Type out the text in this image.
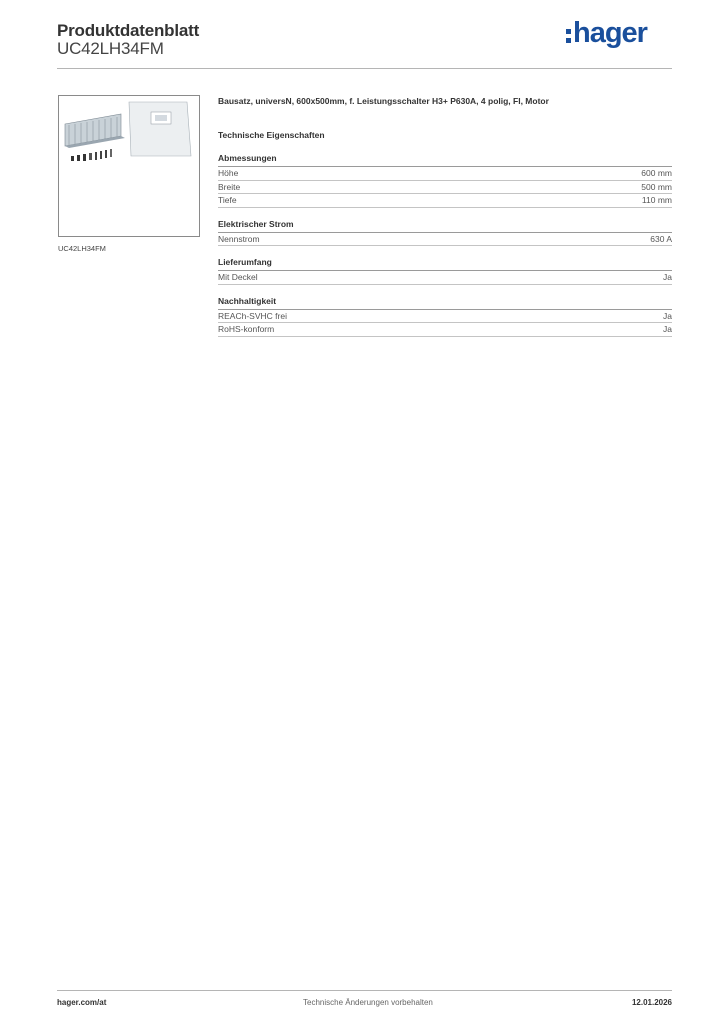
Produktdatenblatt
UC42LH34FM	hager
UC42LH34FM
Bausatz, universN, 600x500mm, f. Leistungsschalter H3+ P630A, 4 polig, FI, Motor
Technische Eigenschaften
Abmessungen
Höhe	600 mm
Breite	500 mm
Tiefe	110 mm
Elektrischer Strom
Nennstrom	630 A
Lieferumfang
Mit Deckel	Ja
Nachhaltigkeit
REACh-SVHC frei	Ja
RoHS-konform	Ja
hager.com/at	Technische Änderungen vorbehalten	12.01.2026
